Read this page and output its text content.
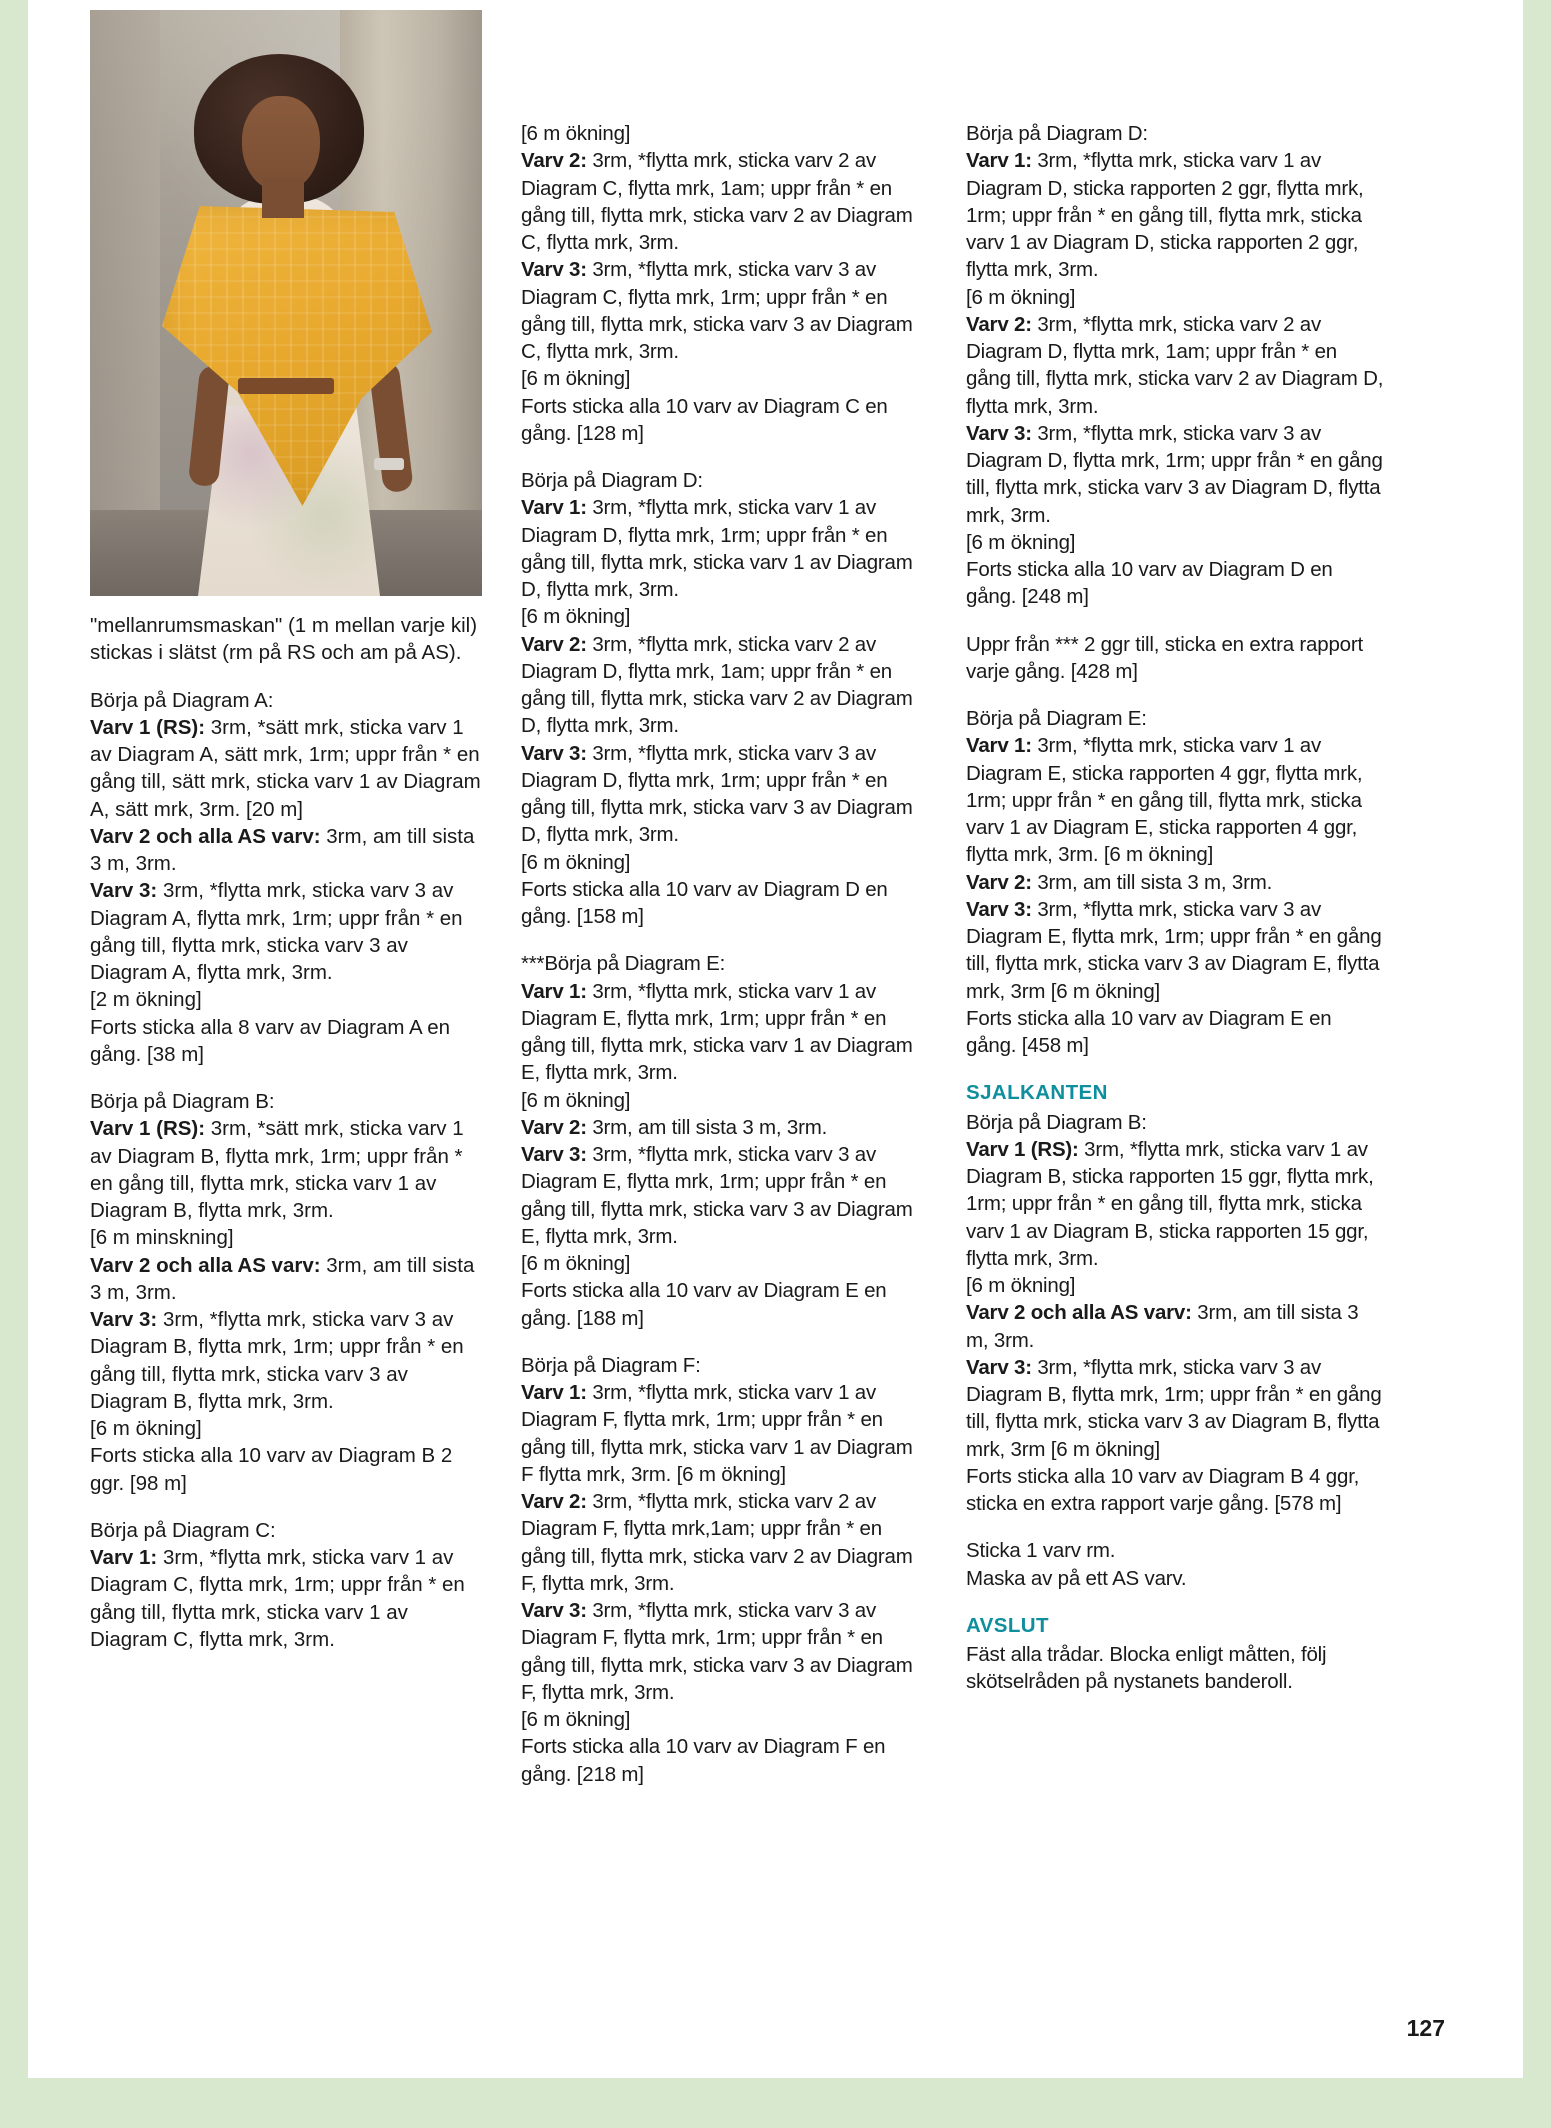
"mellanrumsmaskan" (1 m mellan varje kil) stickas i slätst (rm på RS och am på AS).

Börja på Diagram A:

Varv 1 (RS): 3rm, *sätt mrk, sticka varv 1 av Diagram A, sätt mrk, 1rm; uppr från * en gång till, sätt mrk, sticka varv 1 av Diagram A, sätt mrk, 3rm. [20 m]

Varv 2 och alla AS varv: 3rm, am till sista 3 m, 3rm.

Varv 3: 3rm, *flytta mrk, sticka varv 3 av Diagram A, flytta mrk, 1rm; uppr från * en gång till, flytta mrk, sticka varv 3 av Diagram A, flytta mrk, 3rm.

[2 m ökning]

Forts sticka alla 8 varv av Diagram A en gång. [38 m]

Börja på Diagram B:

Varv 1 (RS): 3rm, *sätt mrk, sticka varv 1 av Diagram B, flytta mrk, 1rm; uppr från * en gång till, flytta mrk, sticka varv 1 av Diagram B, flytta mrk, 3rm.

[6 m minskning]

Varv 2 och alla AS varv: 3rm, am till sista 3 m, 3rm.

Varv 3: 3rm, *flytta mrk, sticka varv 3 av Diagram B, flytta mrk, 1rm; uppr från * en gång till, flytta mrk, sticka varv 3 av Diagram B, flytta mrk, 3rm.

[6 m ökning]

Forts sticka alla 10 varv av Diagram B 2 ggr. [98 m]

Börja på Diagram C:

Varv 1: 3rm, *flytta mrk, sticka varv 1 av Diagram C, flytta mrk, 1rm; uppr från * en gång till, flytta mrk, sticka varv 1 av Diagram C, flytta mrk, 3rm.

[6 m ökning]

Varv 2: 3rm, *flytta mrk, sticka varv 2 av Diagram C, flytta mrk, 1am; uppr från * en gång till, flytta mrk, sticka varv 2 av Diagram C, flytta mrk, 3rm.

Varv 3: 3rm, *flytta mrk, sticka varv 3 av Diagram C, flytta mrk, 1rm; uppr från * en gång till, flytta mrk, sticka varv 3 av Diagram C, flytta mrk, 3rm.

[6 m ökning]

Forts sticka alla 10 varv av Diagram C en gång. [128 m]

Börja på Diagram D:

Varv 1: 3rm, *flytta mrk, sticka varv 1 av Diagram D, flytta mrk, 1rm; uppr från * en gång till, flytta mrk, sticka varv 1 av Diagram D, flytta mrk, 3rm.

[6 m ökning]

Varv 2: 3rm, *flytta mrk, sticka varv 2 av Diagram D, flytta mrk, 1am; uppr från * en gång till, flytta mrk, sticka varv 2 av Diagram D, flytta mrk, 3rm.

Varv 3: 3rm, *flytta mrk, sticka varv 3 av Diagram D, flytta mrk, 1rm; uppr från * en gång till, flytta mrk, sticka varv 3 av Diagram D, flytta mrk, 3rm.

[6 m ökning]

Forts sticka alla 10 varv av Diagram D en gång. [158 m]

***Börja på Diagram E:

Varv 1: 3rm, *flytta mrk, sticka varv 1 av Diagram E, flytta mrk, 1rm; uppr från * en gång till, flytta mrk, sticka varv 1 av Diagram E, flytta mrk, 3rm.

[6 m ökning]

Varv 2: 3rm, am till sista 3 m, 3rm.

Varv 3: 3rm, *flytta mrk, sticka varv 3 av Diagram E, flytta mrk, 1rm; uppr från * en gång till, flytta mrk, sticka varv 3 av Diagram E, flytta mrk, 3rm.

[6 m ökning]

Forts sticka alla 10 varv av Diagram E en gång. [188 m]

Börja på Diagram F:

Varv 1: 3rm, *flytta mrk, sticka varv 1 av Diagram F, flytta mrk, 1rm; uppr från * en gång till, flytta mrk, sticka varv 1 av Diagram F flytta mrk, 3rm. [6 m ökning]

Varv 2: 3rm, *flytta mrk, sticka varv 2 av Diagram F, flytta mrk,1am; uppr från * en gång till, flytta mrk, sticka varv 2 av Diagram F, flytta mrk, 3rm.

Varv 3: 3rm, *flytta mrk, sticka varv 3 av Diagram F, flytta mrk, 1rm; uppr från * en gång till, flytta mrk, sticka varv 3 av Diagram F, flytta mrk, 3rm.

[6 m ökning]

Forts sticka alla 10 varv av Diagram F en gång. [218 m]

Börja på Diagram D:

Varv 1: 3rm, *flytta mrk, sticka varv 1 av Diagram D, sticka rapporten 2 ggr, flytta mrk, 1rm; uppr från * en gång till, flytta mrk, sticka varv 1 av Diagram D, sticka rapporten 2 ggr, flytta mrk, 3rm.

[6 m ökning]

Varv 2: 3rm, *flytta mrk, sticka varv 2 av Diagram D, flytta mrk, 1am; uppr från * en gång till, flytta mrk, sticka varv 2 av Diagram D, flytta mrk, 3rm.

Varv 3: 3rm, *flytta mrk, sticka varv 3 av Diagram D, flytta mrk, 1rm; uppr från * en gång till, flytta mrk, sticka varv 3 av Diagram D, flytta mrk, 3rm.

[6 m ökning]

Forts sticka alla 10 varv av Diagram D en gång. [248 m]

Uppr från *** 2 ggr till, sticka en extra rapport varje gång. [428 m]

Börja på Diagram E:

Varv 1: 3rm, *flytta mrk, sticka varv 1 av Diagram E, sticka rapporten 4 ggr, flytta mrk, 1rm; uppr från * en gång till, flytta mrk, sticka varv 1 av Diagram E, sticka rapporten 4 ggr, flytta mrk, 3rm. [6 m ökning]

Varv 2: 3rm, am till sista 3 m, 3rm.

Varv 3: 3rm, *flytta mrk, sticka varv 3 av Diagram E, flytta mrk, 1rm; uppr från * en gång till, flytta mrk, sticka varv 3 av Diagram E, flytta mrk, 3rm [6 m ökning]

Forts sticka alla 10 varv av Diagram E en gång. [458 m]

SJALKANTEN

Börja på Diagram B:

Varv 1 (RS): 3rm, *flytta mrk, sticka varv 1 av Diagram B, sticka rapporten 15 ggr, flytta mrk, 1rm; uppr från * en gång till, flytta mrk, sticka varv 1 av Diagram B, sticka rapporten 15 ggr, flytta mrk, 3rm.

[6 m ökning]

Varv 2 och alla AS varv: 3rm, am till sista 3 m, 3rm.

Varv 3: 3rm, *flytta mrk, sticka varv 3 av Diagram B, flytta mrk, 1rm; uppr från * en gång till, flytta mrk, sticka varv 3 av Diagram B, flytta mrk, 3rm [6 m ökning]

Forts sticka alla 10 varv av Diagram B 4 ggr, sticka en extra rapport varje gång. [578 m]

Sticka 1 varv rm.

Maska av på ett AS varv.

AVSLUT

Fäst alla trådar. Blocka enligt måtten, följ skötselråden på nystanets banderoll.

127
